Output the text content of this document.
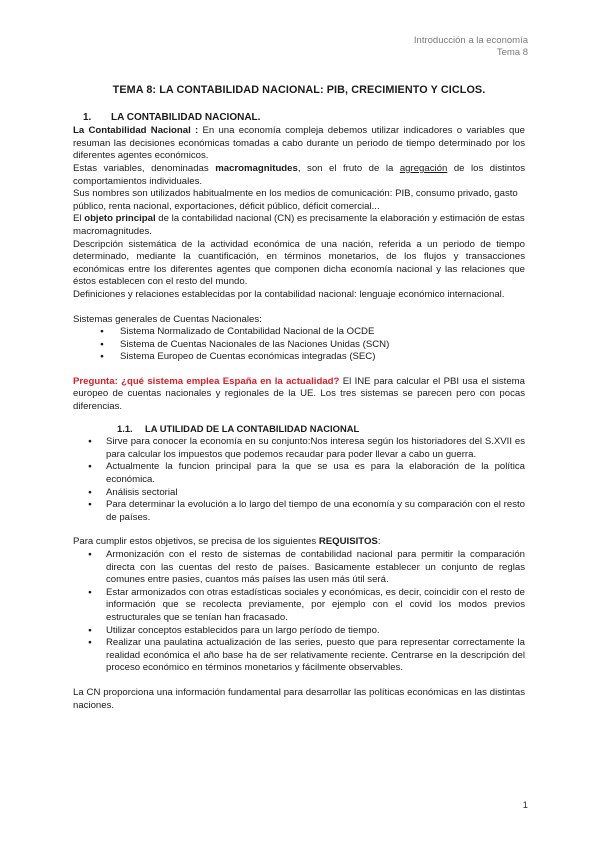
Introducción a la economía
Tema 8
TEMA 8: LA CONTABILIDAD NACIONAL: PIB, CRECIMIENTO Y CICLOS.
1. LA CONTABILIDAD NACIONAL.

La Contabilidad Nacional : En una economía compleja debemos utilizar indicadores o variables que resuman las decisiones económicas tomadas a cabo durante un periodo de tiempo determinado por los diferentes agentes económicos.

Estas variables, denominadas macromagnitudes, son el fruto de la agregación de los distintos comportamientos individuales.

Sus nombres son utilizados habitualmente en los medios de comunicación: PIB, consumo privado, gasto público, renta nacional, exportaciones, déficit público, déficit comercial...

El objeto principal de la contabilidad nacional (CN) es precisamente la elaboración y estimación de estas macromagnitudes.

Descripción sistemática de la actividad económica de una nación, referida a un periodo de tiempo determinado, mediante la cuantificación, en términos monetarios, de los flujos y transacciones económicas entre los diferentes agentes que componen dicha economía nacional y las relaciones que éstos establecen con el resto del mundo.

Definiciones y relaciones establecidas por la contabilidad nacional: lenguaje económico internacional.

Sistemas generales de Cuentas Nacionales:

● Sistema Normalizado de Contabilidad Nacional de la OCDE
● Sistema de Cuentas Nacionales de las Naciones Unidas (SCN)
● Sistema Europeo de Cuentas económicas integradas (SEC)

Pregunta: ¿qué sistema emplea España en la actualidad? El INE para calcular el PBI usa el sistema europeo de cuentas nacionales y regionales de la UE. Los tres sistemas se parecen pero con pocas diferencias.

1.1. LA UTILIDAD DE LA CONTABILIDAD NACIONAL
● Sirve para conocer la economía en su conjunto:Nos interesa según los historiadores del S.XVII es para calcular los impuestos que podemos recaudar para poder llevar a cabo un guerra.
● Actualmente la funcion principal para la que se usa es para la elaboración de la política económica.
● Análisis sectorial
● Para determinar la evolución a lo largo del tiempo de una economía y su comparación con el resto de países.

Para cumplir estos objetivos, se precisa de los siguientes REQUISITOS:

● Armonización con el resto de sistemas de contabilidad nacional para permitir la comparación directa con las cuentas del resto de países. Basicamente establecer un conjunto de reglas comunes entre pasies, cuantos más países las usen más útil será.
● Estar armonizados con otras estadísticas sociales y económicas, es decir, coincidir con el resto de información que se recolecta previamente, por ejemplo con el covid los modos previos estructurales que se tenían han fracasado.
● Utilizar conceptos establecidos para un largo período de tiempo.
● Realizar una paulatina actualización de las series, puesto que para representar correctamente la realidad económica el año base ha de ser relativamente reciente. Centrarse en la descripción del proceso económico en términos monetarios y fácilmente observables.

La CN proporciona una información fundamental para desarrollar las políticas económicas en las distintas naciones.

1
